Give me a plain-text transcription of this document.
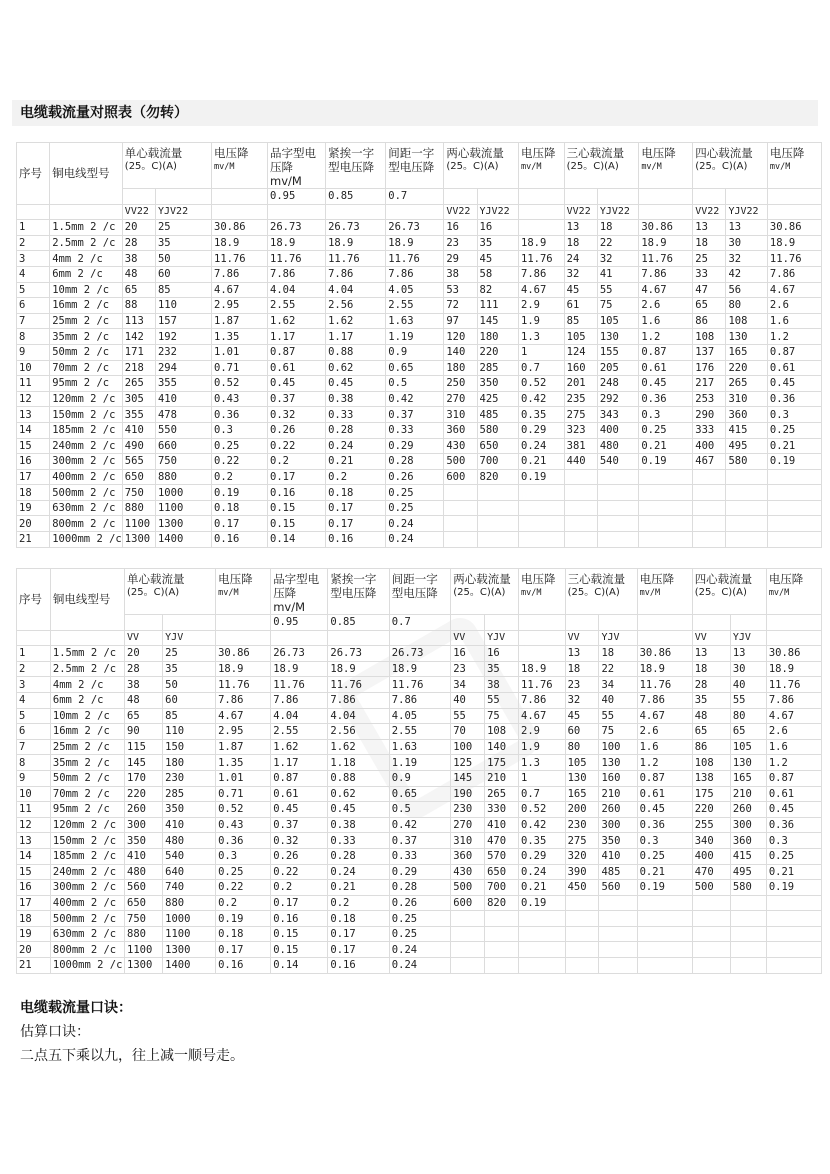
电缆载流量对照表（勿转）
序号	铜电线型号	单心载流量
(25。C)(A)		电压降
mv/M	品字型电压降mv/M	紧挨一字型电压降	间距一字型电压降	两心载流量
(25。C)(A)		电压降
mv/M	三心载流量
(25。C)(A)		电压降
mv/M	四心载流量
(25。C)(A)		电压降
mv/M

					0.95	0.85	0.7									
		VV22	YJV22					VV22	YJV22		VV22	YJV22		VV22	YJV22	
1	1.5mm 2 /c	20	25	30.86	26.73	26.73	26.73	16	16		13	18	30.86	13	13	30.86
2	2.5mm 2 /c	28	35	18.9	18.9	18.9	18.9	23	35	18.9	18	22	18.9	18	30	18.9
3	4mm 2 /c	38	50	11.76	11.76	11.76	11.76	29	45	11.76	24	32	11.76	25	32	11.76
4	6mm 2 /c	48	60	7.86	7.86	7.86	7.86	38	58	7.86	32	41	7.86	33	42	7.86
5	10mm 2 /c	65	85	4.67	4.04	4.04	4.05	53	82	4.67	45	55	4.67	47	56	4.67
6	16mm 2 /c	88	110	2.95	2.55	2.56	2.55	72	111	2.9	61	75	2.6	65	80	2.6
7	25mm 2 /c	113	157	1.87	1.62	1.62	1.63	97	145	1.9	85	105	1.6	86	108	1.6
8	35mm 2 /c	142	192	1.35	1.17	1.17	1.19	120	180	1.3	105	130	1.2	108	130	1.2
9	50mm 2 /c	171	232	1.01	0.87	0.88	0.9	140	220	1	124	155	0.87	137	165	0.87
10	70mm 2 /c	218	294	0.71	0.61	0.62	0.65	180	285	0.7	160	205	0.61	176	220	0.61
11	95mm 2 /c	265	355	0.52	0.45	0.45	0.5	250	350	0.52	201	248	0.45	217	265	0.45
12	120mm 2 /c	305	410	0.43	0.37	0.38	0.42	270	425	0.42	235	292	0.36	253	310	0.36
13	150mm 2 /c	355	478	0.36	0.32	0.33	0.37	310	485	0.35	275	343	0.3	290	360	0.3
14	185mm 2 /c	410	550	0.3	0.26	0.28	0.33	360	580	0.29	323	400	0.25	333	415	0.25
15	240mm 2 /c	490	660	0.25	0.22	0.24	0.29	430	650	0.24	381	480	0.21	400	495	0.21
16	300mm 2 /c	565	750	0.22	0.2	0.21	0.28	500	700	0.21	440	540	0.19	467	580	0.19
17	400mm 2 /c	650	880	0.2	0.17	0.2	0.26	600	820	0.19						
18	500mm 2 /c	750	1000	0.19	0.16	0.18	0.25									
19	630mm 2 /c	880	1100	0.18	0.15	0.17	0.25									
20	800mm 2 /c	1100	1300	0.17	0.15	0.17	0.24									
21	1000mm 2 /c	1300	1400	0.16	0.14	0.16	0.24									
序号	铜电线型号	单心载流量
(25。C)(A)		电压降
mv/M	品字型电压降mv/M	紧挨一字型电压降	间距一字型电压降	两心载流量
(25。C)(A)		电压降
mv/M	三心载流量
(25。C)(A)		电压降
mv/M	四心载流量
(25。C)(A)		电压降
mv/M

					0.95	0.85	0.7									
		VV	YJV					VV	YJV		VV	YJV		VV	YJV	
1	1.5mm 2 /c	20	25	30.86	26.73	26.73	26.73	16	16		13	18	30.86	13	13	30.86
2	2.5mm 2 /c	28	35	18.9	18.9	18.9	18.9	23	35	18.9	18	22	18.9	18	30	18.9
3	4mm 2 /c	38	50	11.76	11.76	11.76	11.76	34	38	11.76	23	34	11.76	28	40	11.76
4	6mm 2 /c	48	60	7.86	7.86	7.86	7.86	40	55	7.86	32	40	7.86	35	55	7.86
5	10mm 2 /c	65	85	4.67	4.04	4.04	4.05	55	75	4.67	45	55	4.67	48	80	4.67
6	16mm 2 /c	90	110	2.95	2.55	2.56	2.55	70	108	2.9	60	75	2.6	65	65	2.6
7	25mm 2 /c	115	150	1.87	1.62	1.62	1.63	100	140	1.9	80	100	1.6	86	105	1.6
8	35mm 2 /c	145	180	1.35	1.17	1.18	1.19	125	175	1.3	105	130	1.2	108	130	1.2
9	50mm 2 /c	170	230	1.01	0.87	0.88	0.9	145	210	1	130	160	0.87	138	165	0.87
10	70mm 2 /c	220	285	0.71	0.61	0.62	0.65	190	265	0.7	165	210	0.61	175	210	0.61
11	95mm 2 /c	260	350	0.52	0.45	0.45	0.5	230	330	0.52	200	260	0.45	220	260	0.45
12	120mm 2 /c	300	410	0.43	0.37	0.38	0.42	270	410	0.42	230	300	0.36	255	300	0.36
13	150mm 2 /c	350	480	0.36	0.32	0.33	0.37	310	470	0.35	275	350	0.3	340	360	0.3
14	185mm 2 /c	410	540	0.3	0.26	0.28	0.33	360	570	0.29	320	410	0.25	400	415	0.25
15	240mm 2 /c	480	640	0.25	0.22	0.24	0.29	430	650	0.24	390	485	0.21	470	495	0.21
16	300mm 2 /c	560	740	0.22	0.2	0.21	0.28	500	700	0.21	450	560	0.19	500	580	0.19
17	400mm 2 /c	650	880	0.2	0.17	0.2	0.26	600	820	0.19						
18	500mm 2 /c	750	1000	0.19	0.16	0.18	0.25									
19	630mm 2 /c	880	1100	0.18	0.15	0.17	0.25									
20	800mm 2 /c	1100	1300	0.17	0.15	0.17	0.24									
21	1000mm 2 /c	1300	1400	0.16	0.14	0.16	0.24									

电缆载流量口诀：

估算口诀：

二点五下乘以九，往上减一顺号走。
